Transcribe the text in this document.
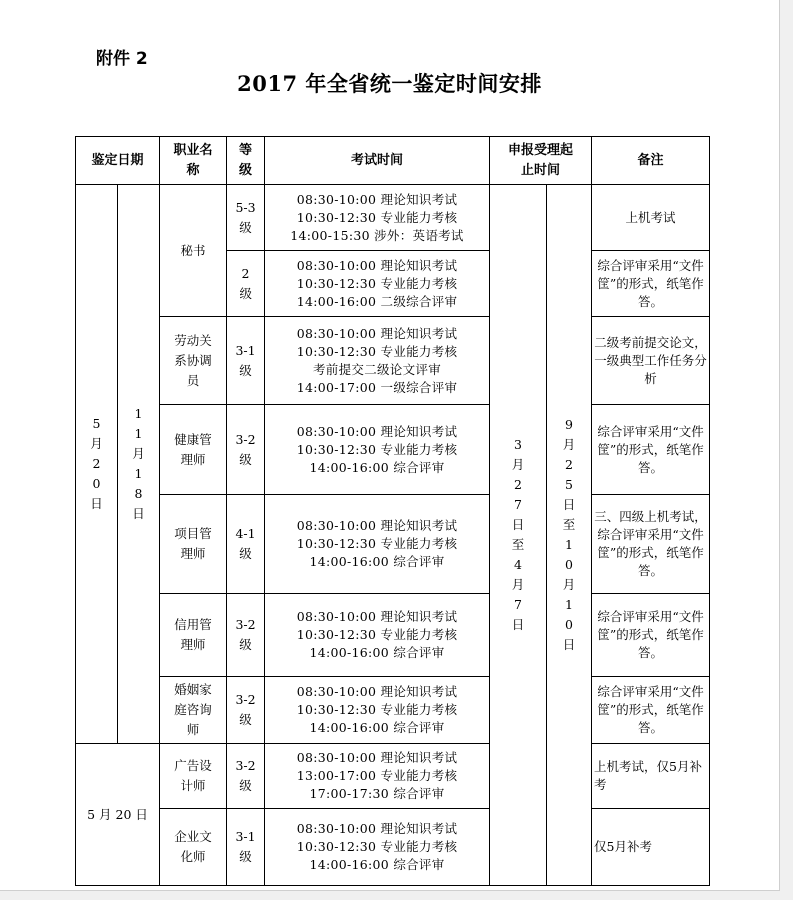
附件 2
2017 年全省统一鉴定时间安排
鉴定日期		职业名称	等级	考试时间	申报受理起止时间		备注

5月20日	11月18日	秘书	5-3级	08:30-10:00 理论知识考试
10:30-12:30 专业能力考核
14:00-15:30 涉外：英语考试	3月27日至4月7日	9月25日至10月10日	上机考试

			2级	08:30-10:00 理论知识考试
10:30-12:30 专业能力考核
14:00-16:00 二级综合评审			综合评审采用“文件筐”的形式，纸笔作答。

		劳动关系协调员	3-1级	08:30-10:00 理论知识考试
10:30-12:30 专业能力考核
考前提交二级论文评审
14:00-17:00 一级综合评审			二级考前提交论文，一级典型工作任务分析

		健康管理师	3-2级	08:30-10:00 理论知识考试
10:30-12:30 专业能力考核
14:00-16:00 综合评审			综合评审采用“文件筐”的形式，纸笔作答。

		项目管理师	4-1级	08:30-10:00 理论知识考试
10:30-12:30 专业能力考核
14:00-16:00 综合评审			三、四级上机考试，综合评审采用“文件筐”的形式，纸笔作答。

		信用管理师	3-2级	08:30-10:00 理论知识考试
10:30-12:30 专业能力考核
14:00-16:00 综合评审			综合评审采用“文件筐”的形式，纸笔作答。

		婚姻家庭咨询师	3-2级	08:30-10:00 理论知识考试
10:30-12:30 专业能力考核
14:00-16:00 综合评审			综合评审采用“文件筐”的形式，纸笔作答。
5 月 20 日		广告设计师	3-2级	08:30-10:00 理论知识考试
13:00-17:00 专业能力考核
17:00-17:30 综合评审			上机考试，仅5月补考

		企业文化师	3-1级	08:30-10:00 理论知识考试
10:30-12:30 专业能力考核
14:00-16:00 综合评审			仅5月补考
